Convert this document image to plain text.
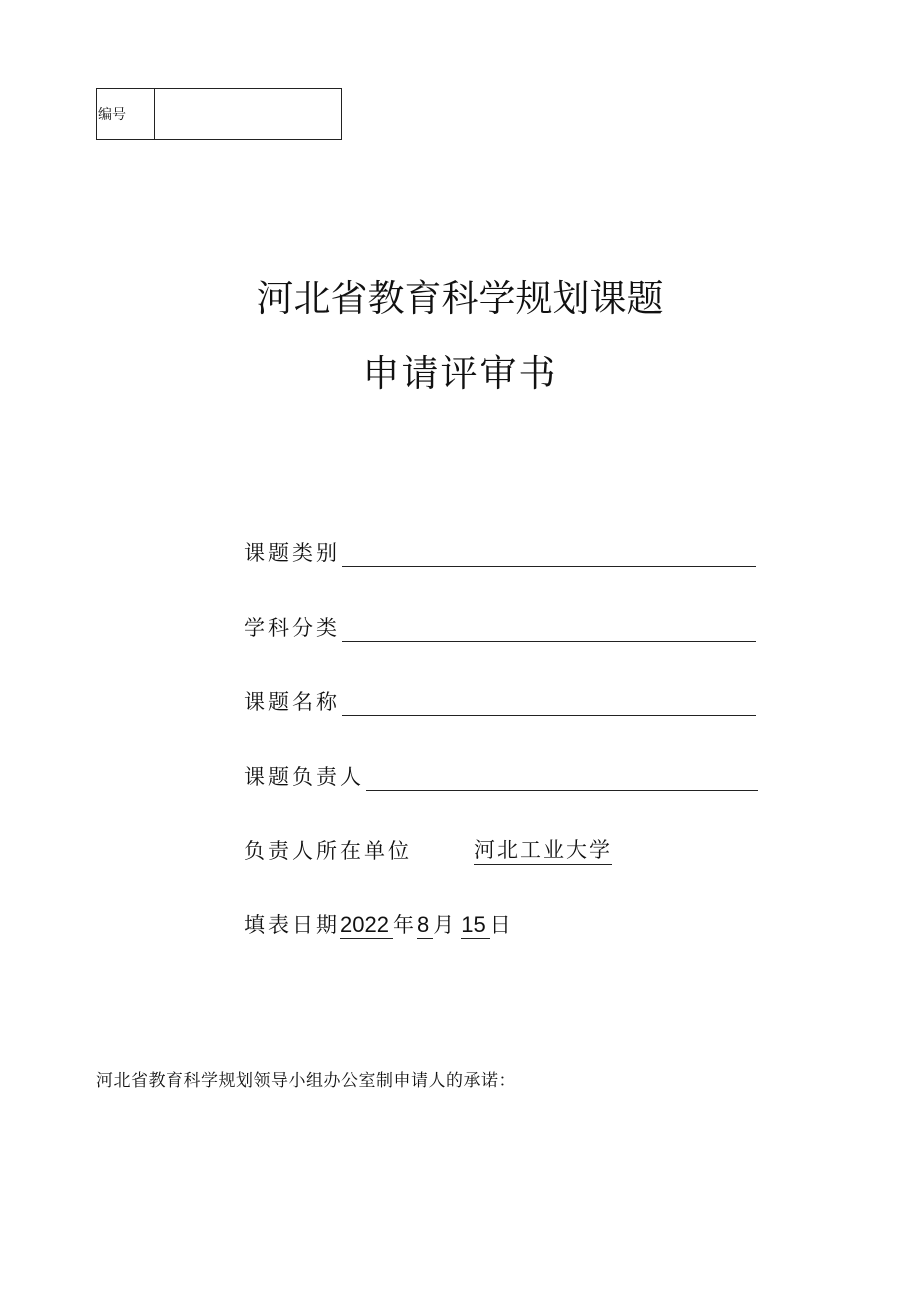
编号
河北省教育科学规划课题
申请评审书
课题类别
学科分类
课题名称
课题负责人
负责人所在单位	河北工业大学
填表日期 2022 年 8 月 15 日
河北省教育科学规划领导小组办公室制申请人的承诺：
